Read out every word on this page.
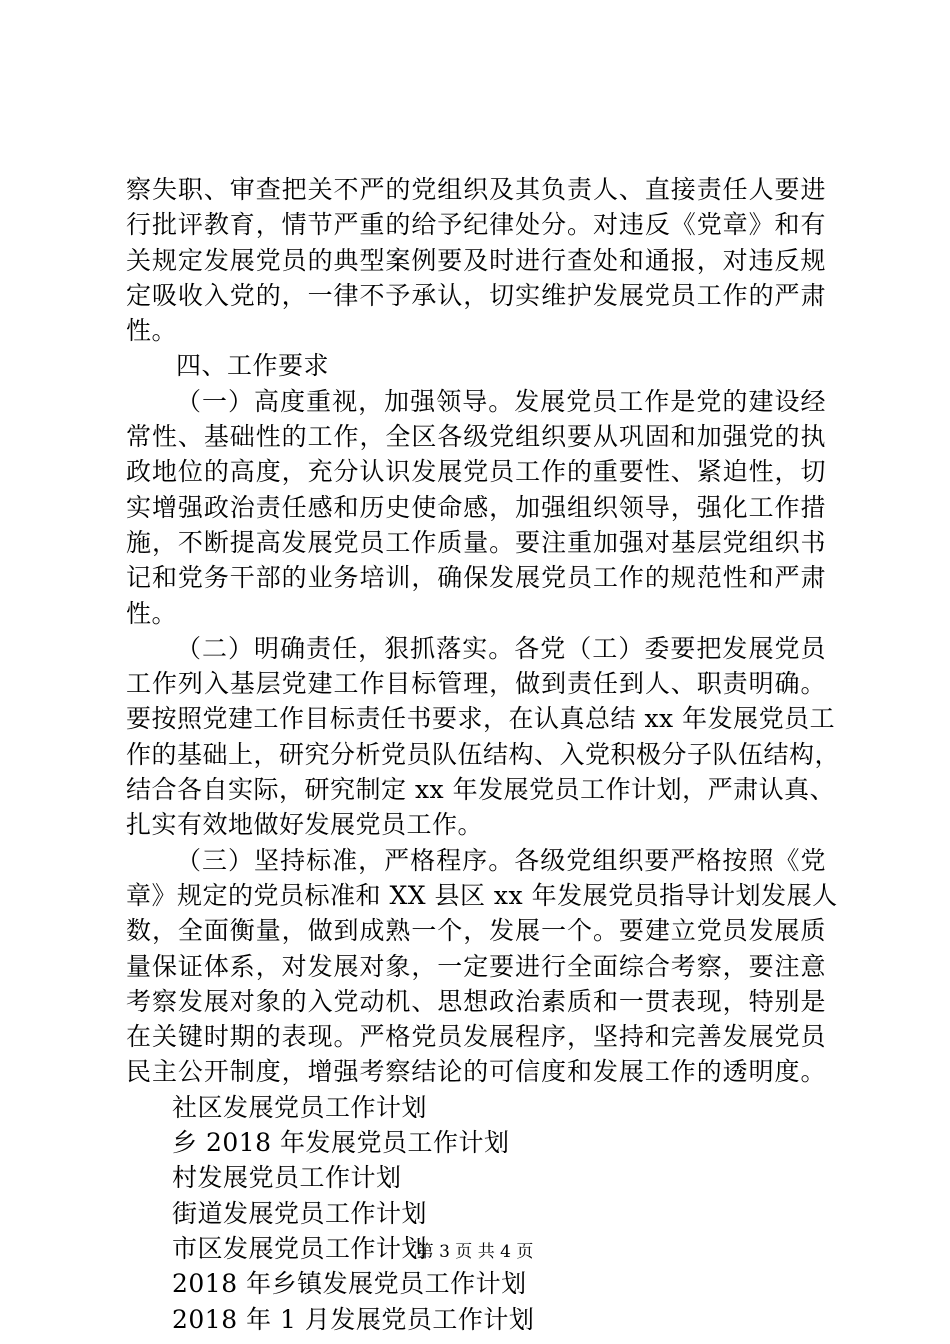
察失职、审查把关不严的党组织及其负责人、直接责任人要进
行批评教育，情节严重的给予纪律处分。对违反《党章》和有
关规定发展党员的典型案例要及时进行查处和通报，对违反规
定吸收入党的，一律不予承认，切实维护发展党员工作的严肃
性。
四、工作要求
（一）高度重视，加强领导。发展党员工作是党的建设经
常性、基础性的工作，全区各级党组织要从巩固和加强党的执
政地位的高度，充分认识发展党员工作的重要性、紧迫性，切
实增强政治责任感和历史使命感，加强组织领导，强化工作措
施，不断提高发展党员工作质量。要注重加强对基层党组织书
记和党务干部的业务培训，确保发展党员工作的规范性和严肃
性。
（二）明确责任，狠抓落实。各党（工）委要把发展党员
工作列入基层党建工作目标管理，做到责任到人、职责明确。
要按照党建工作目标责任书要求，在认真总结 xx 年发展党员工
作的基础上，研究分析党员队伍结构、入党积极分子队伍结构，
结合各自实际，研究制定 xx 年发展党员工作计划，严肃认真、
扎实有效地做好发展党员工作。
（三）坚持标准，严格程序。各级党组织要严格按照《党
章》规定的党员标准和 XX 县区 xx 年发展党员指导计划发展人
数，全面衡量，做到成熟一个，发展一个。要建立党员发展质
量保证体系，对发展对象，一定要进行全面综合考察，要注意
考察发展对象的入党动机、思想政治素质和一贯表现，特别是
在关键时期的表现。严格党员发展程序，坚持和完善发展党员
民主公开制度，增强考察结论的可信度和发展工作的透明度。
社区发展党员工作计划
乡 2018 年发展党员工作计划
村发展党员工作计划
街道发展党员工作计划
市区发展党员工作计划
2018 年乡镇发展党员工作计划
2018 年 1 月发展党员工作计划
第 3 页 共 4 页
